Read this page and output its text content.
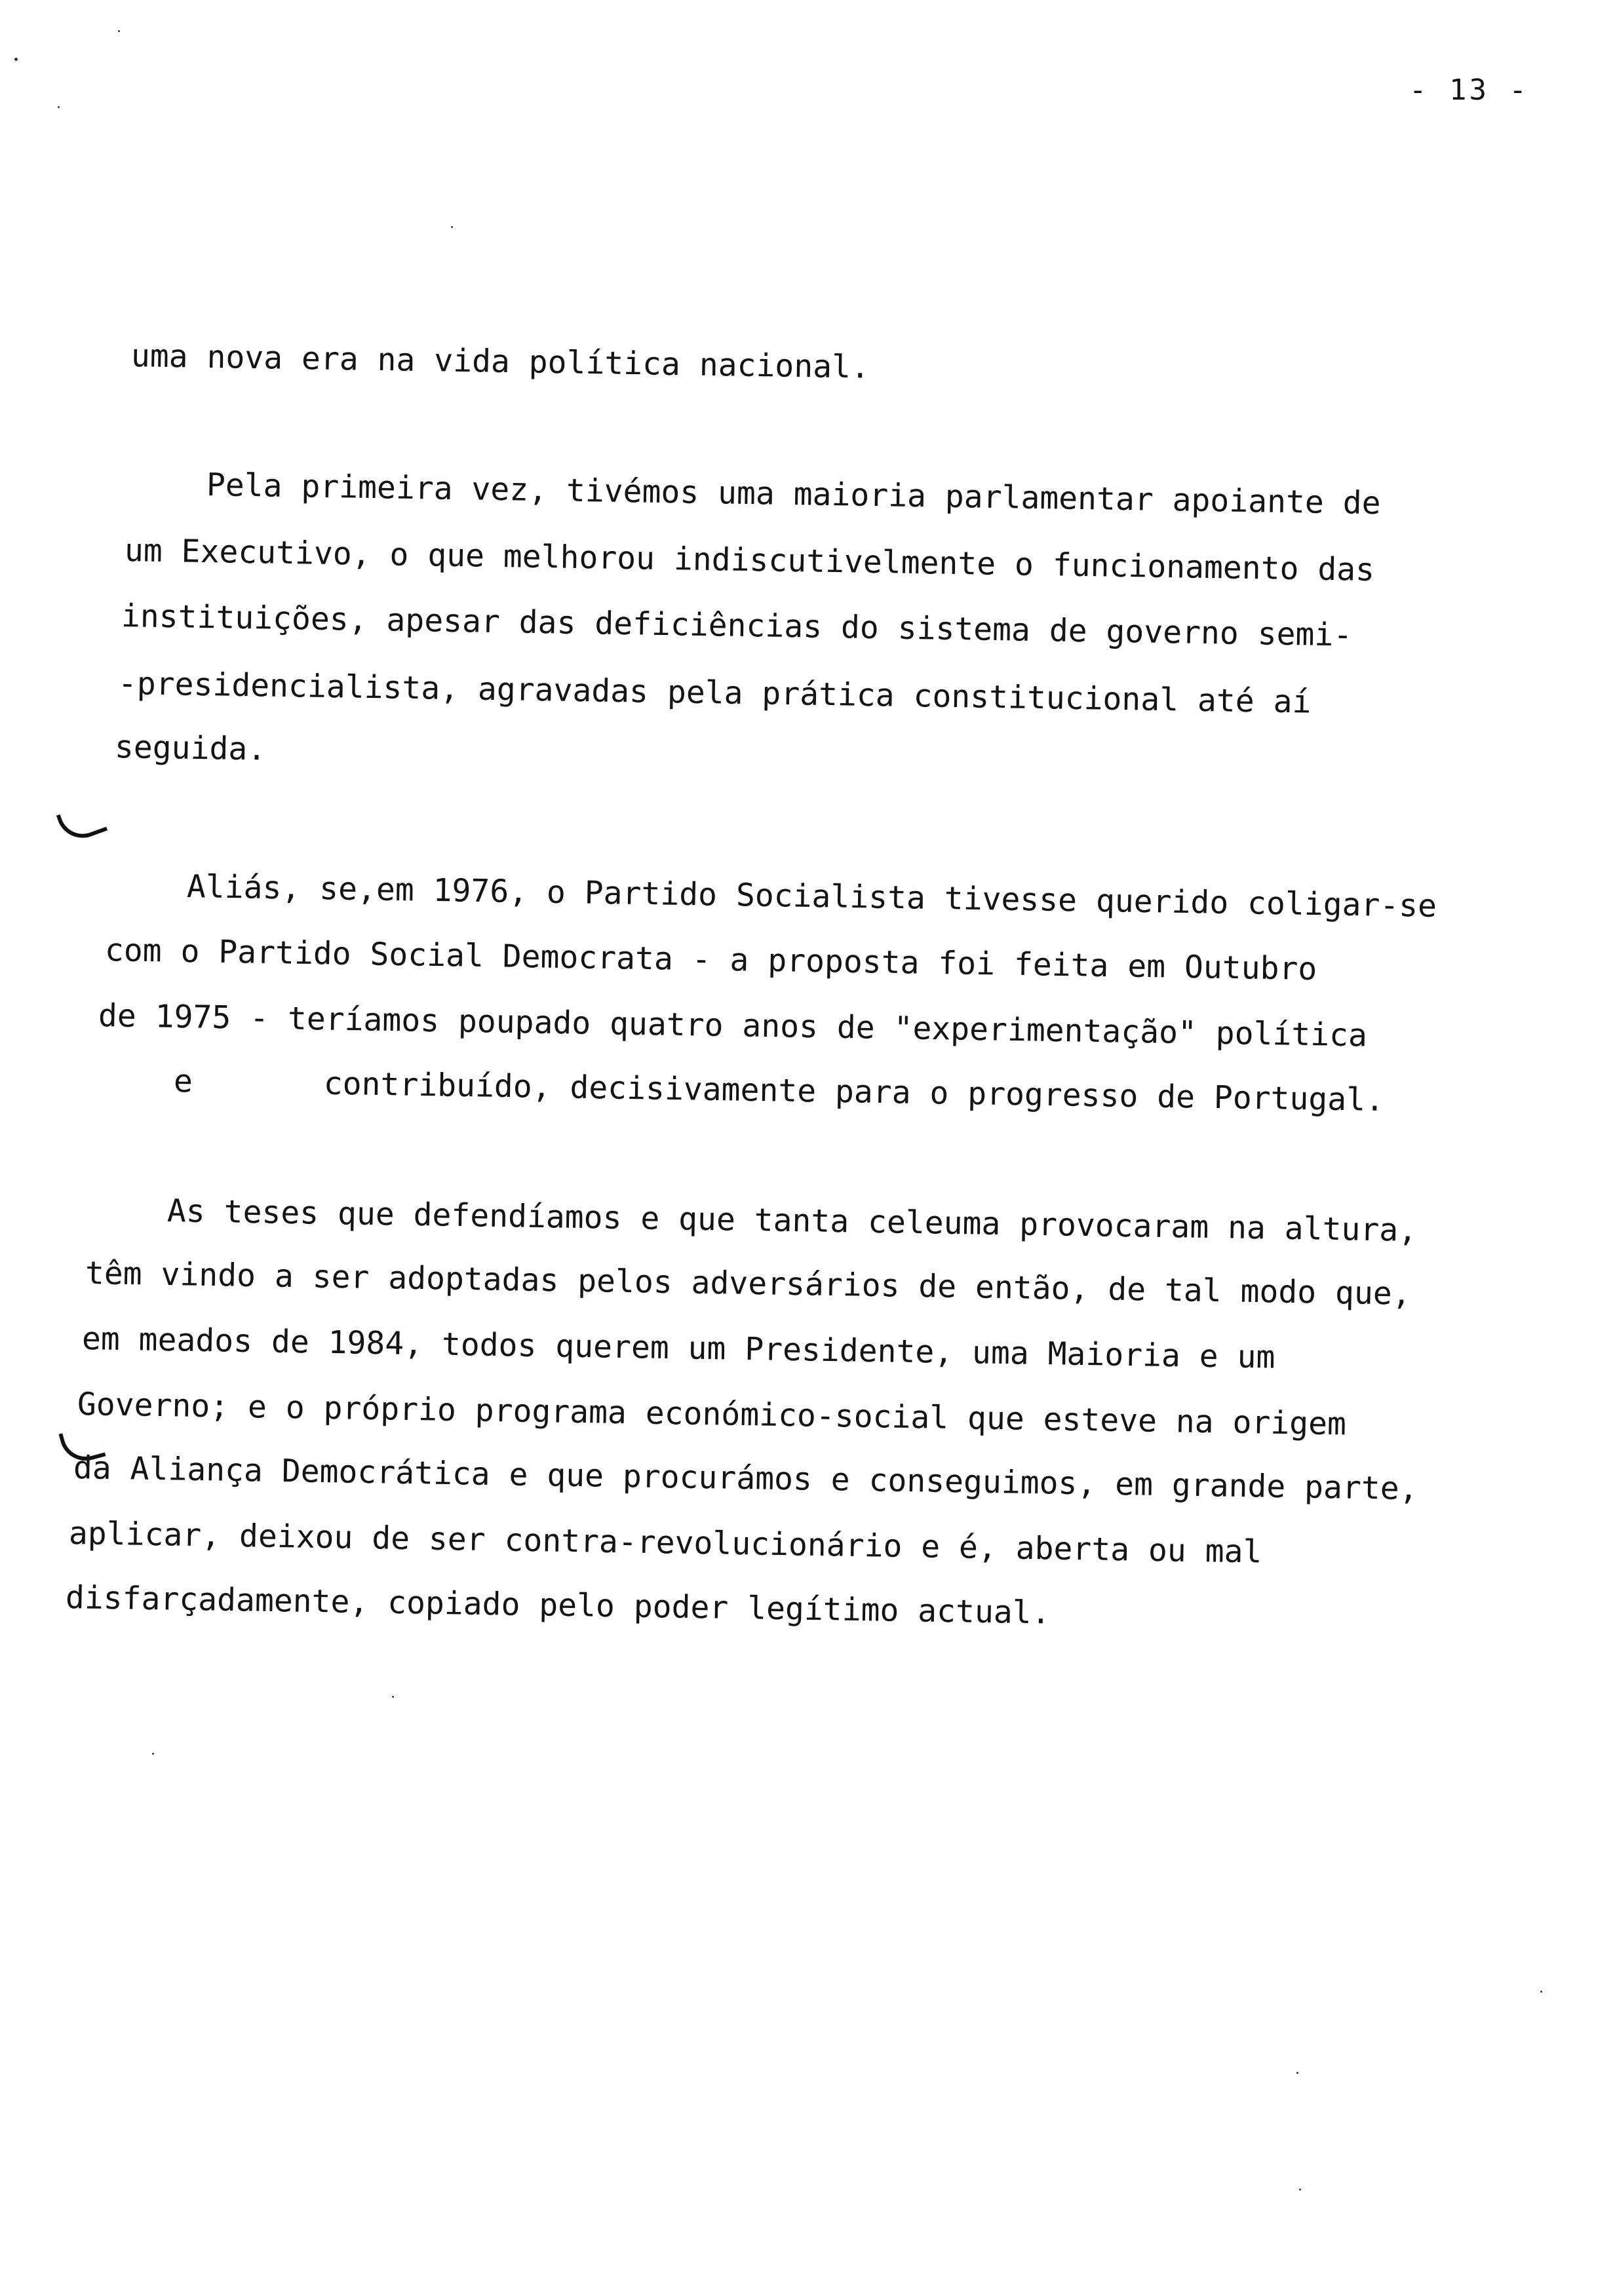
- 13 -
uma nova era na vida política nacional.
Pela primeira vez, tivémos uma maioria parlamentar apoiante de
um Executivo, o que melhorou indiscutivelmente o funcionamento das
instituições, apesar das deficiências do sistema de governo semi-
-presidencialista, agravadas pela prática constitucional até aí
seguida.
Aliás, se,em 1976, o Partido Socialista tivesse querido coligar-se
com o Partido Social Democrata - a proposta foi feita em Outubro
de 1975 - teríamos poupado quatro anos de "experimentação" política
e	contribuído, decisivamente para o progresso de Portugal.
As teses que defendíamos e que tanta celeuma provocaram na altura,
têm vindo a ser adoptadas pelos adversários de então, de tal modo que,
em meados de 1984, todos querem um Presidente, uma Maioria e um
Governo; e o próprio programa económico-social que esteve na origem
da Aliança Democrática e que procurámos e conseguimos, em grande parte,
aplicar, deixou de ser contra-revolucionário e é, aberta ou mal
disfarçadamente, copiado pelo poder legítimo actual.
